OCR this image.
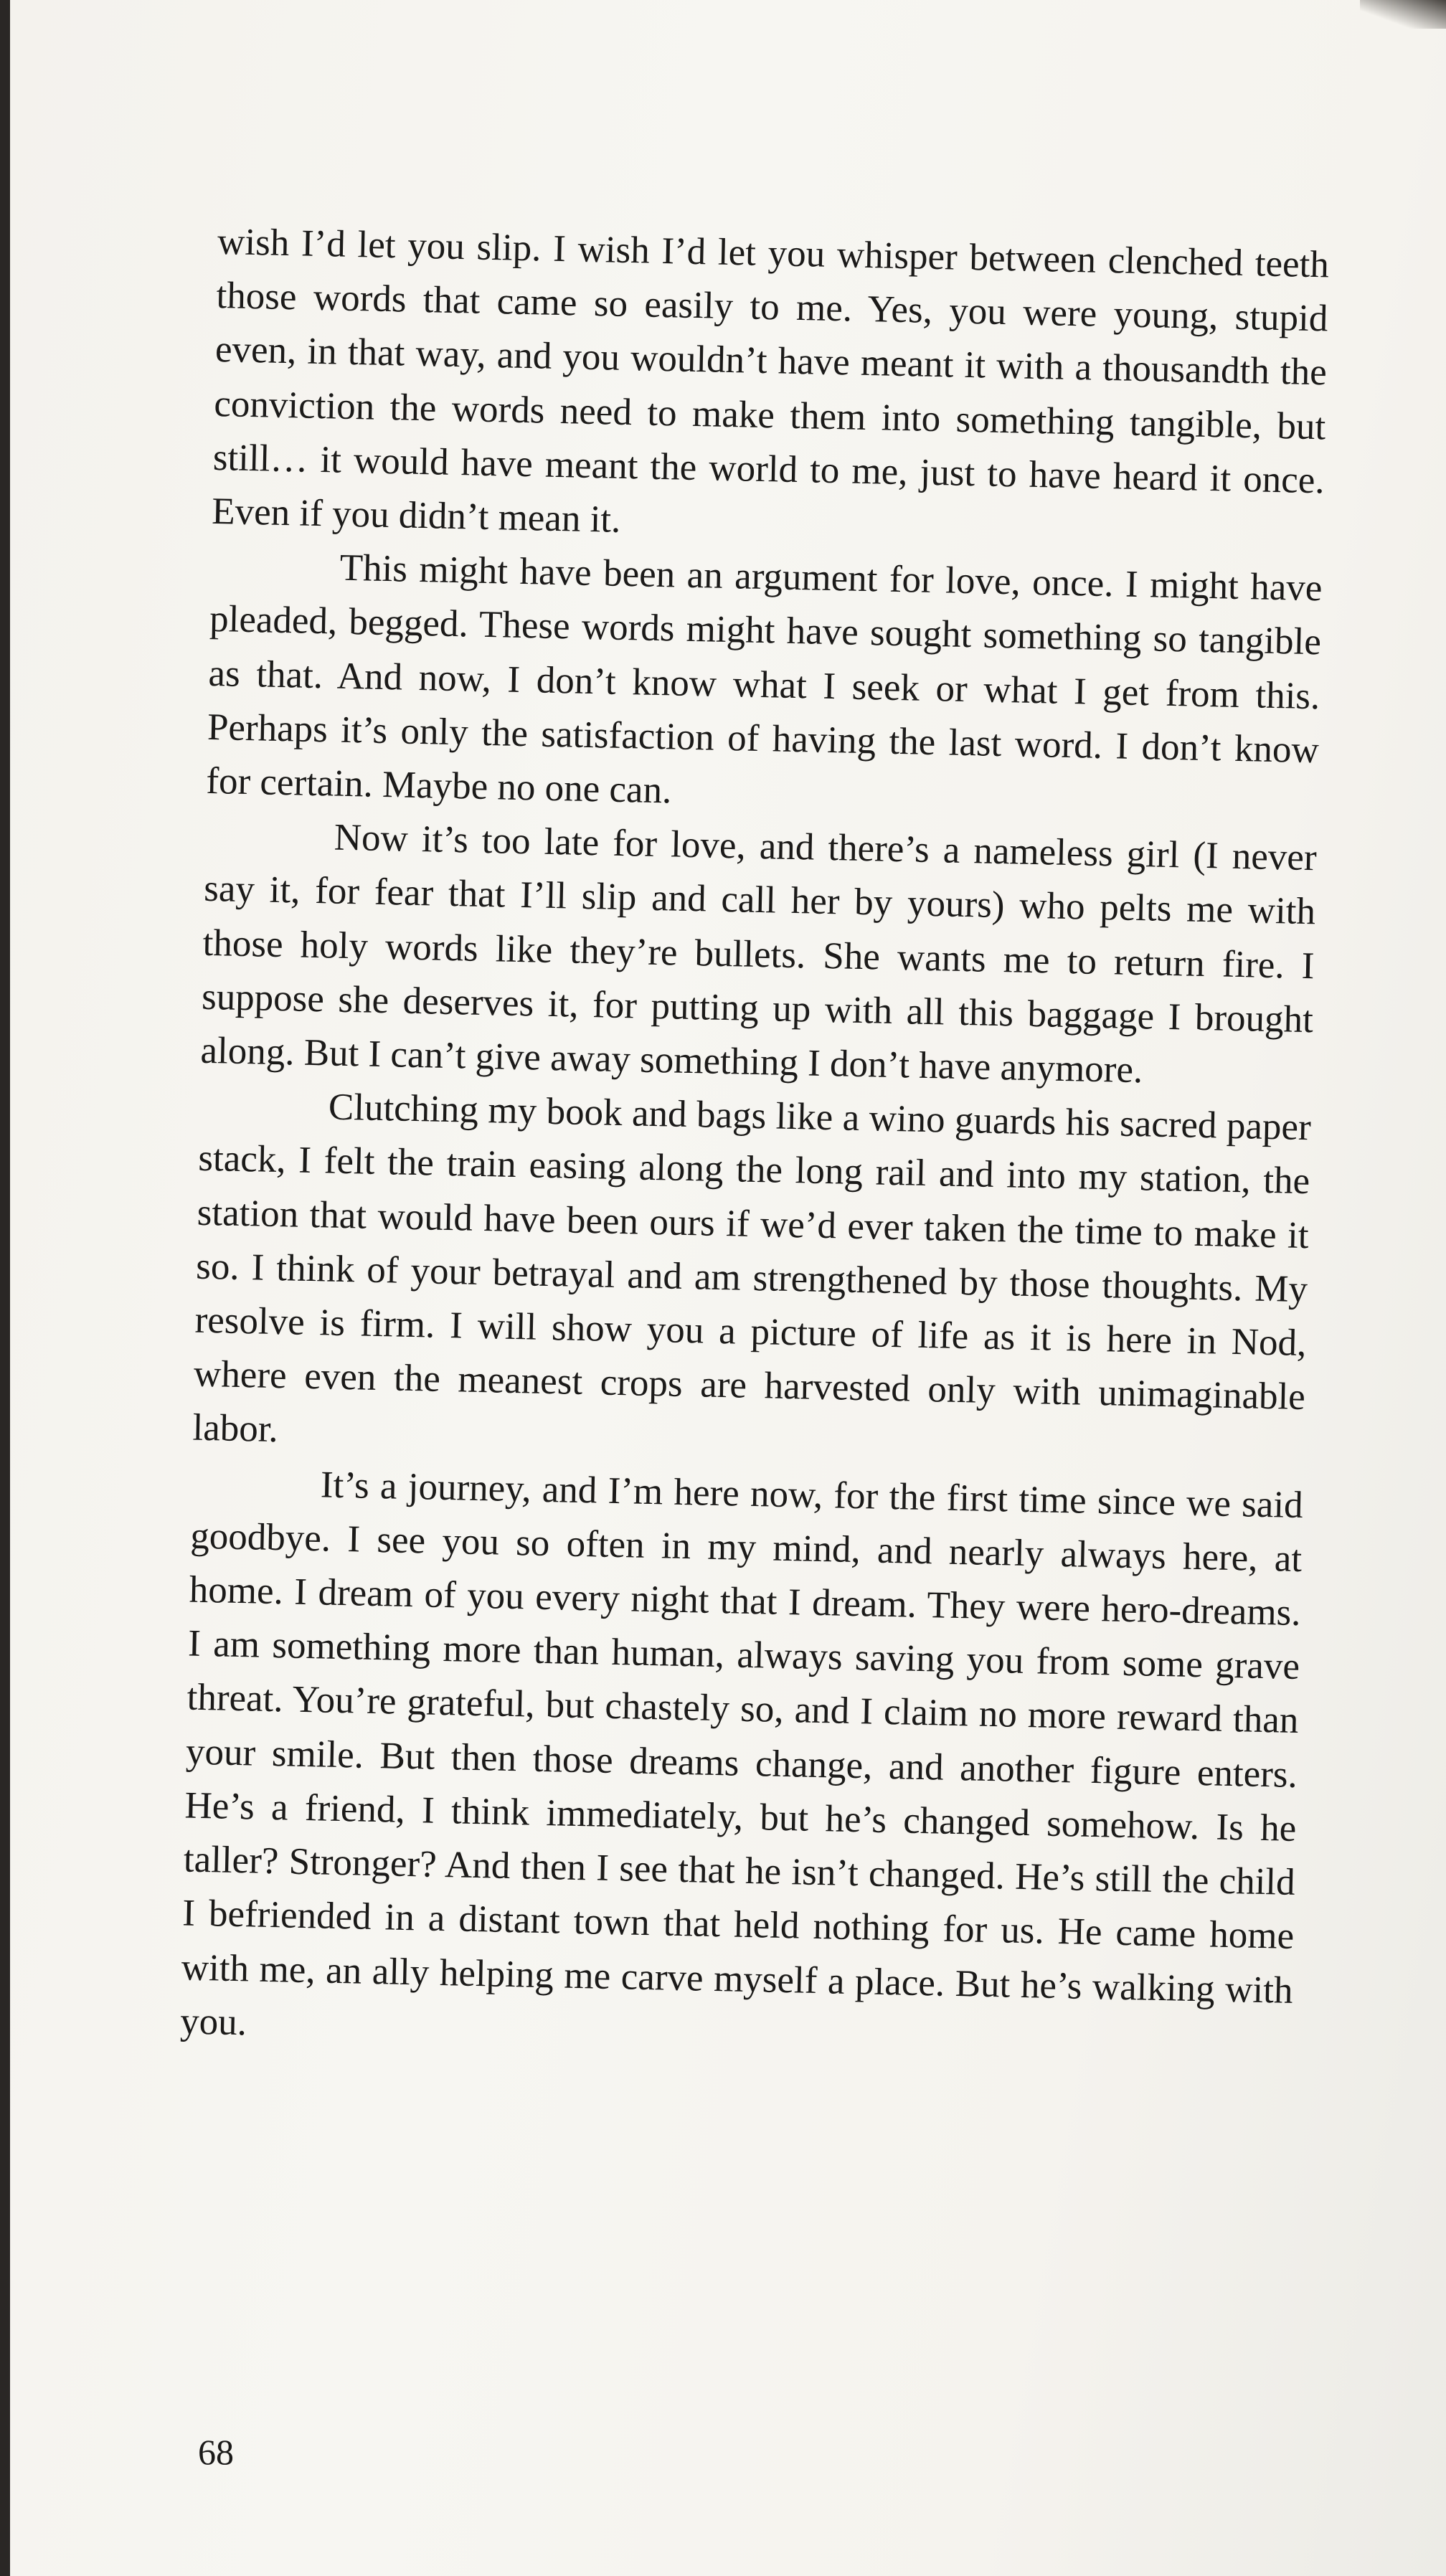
wish I’d let you slip. I wish I’d let you whisper between clenched teeth those words that came so easily to me. Yes, you were young, stupid even, in that way, and you wouldn’t have meant it with a thousandth the conviction the words need to make them into something tangible, but still… it would have meant the world to me, just to have heard it once. Even if you didn’t mean it.

This might have been an argument for love, once. I might have pleaded, begged. These words might have sought something so tangible as that. And now, I don’t know what I seek or what I get from this. Perhaps it’s only the satisfaction of having the last word. I don’t know for certain. Maybe no one can.

Now it’s too late for love, and there’s a nameless girl (I never say it, for fear that I’ll slip and call her by yours) who pelts me with those holy words like they’re bullets. She wants me to return fire. I suppose she deserves it, for putting up with all this baggage I brought along. But I can’t give away something I don’t have anymore.

Clutching my book and bags like a wino guards his sacred paper stack, I felt the train easing along the long rail and into my station, the station that would have been ours if we’d ever taken the time to make it so. I think of your betrayal and am strengthened by those thoughts. My resolve is firm. I will show you a picture of life as it is here in Nod, where even the meanest crops are harvested only with unimaginable labor.

It’s a journey, and I’m here now, for the first time since we said goodbye. I see you so often in my mind, and nearly always here, at home. I dream of you every night that I dream. They were hero-dreams. I am something more than human, always saving you from some grave threat. You’re grateful, but chastely so, and I claim no more reward than your smile. But then those dreams change, and another figure enters. He’s a friend, I think immediately, but he’s changed somehow. Is he taller? Stronger? And then I see that he isn’t changed. He’s still the child I befriended in a distant town that held nothing for us. He came home with me, an ally helping me carve myself a place. But he’s walking with you.

68
